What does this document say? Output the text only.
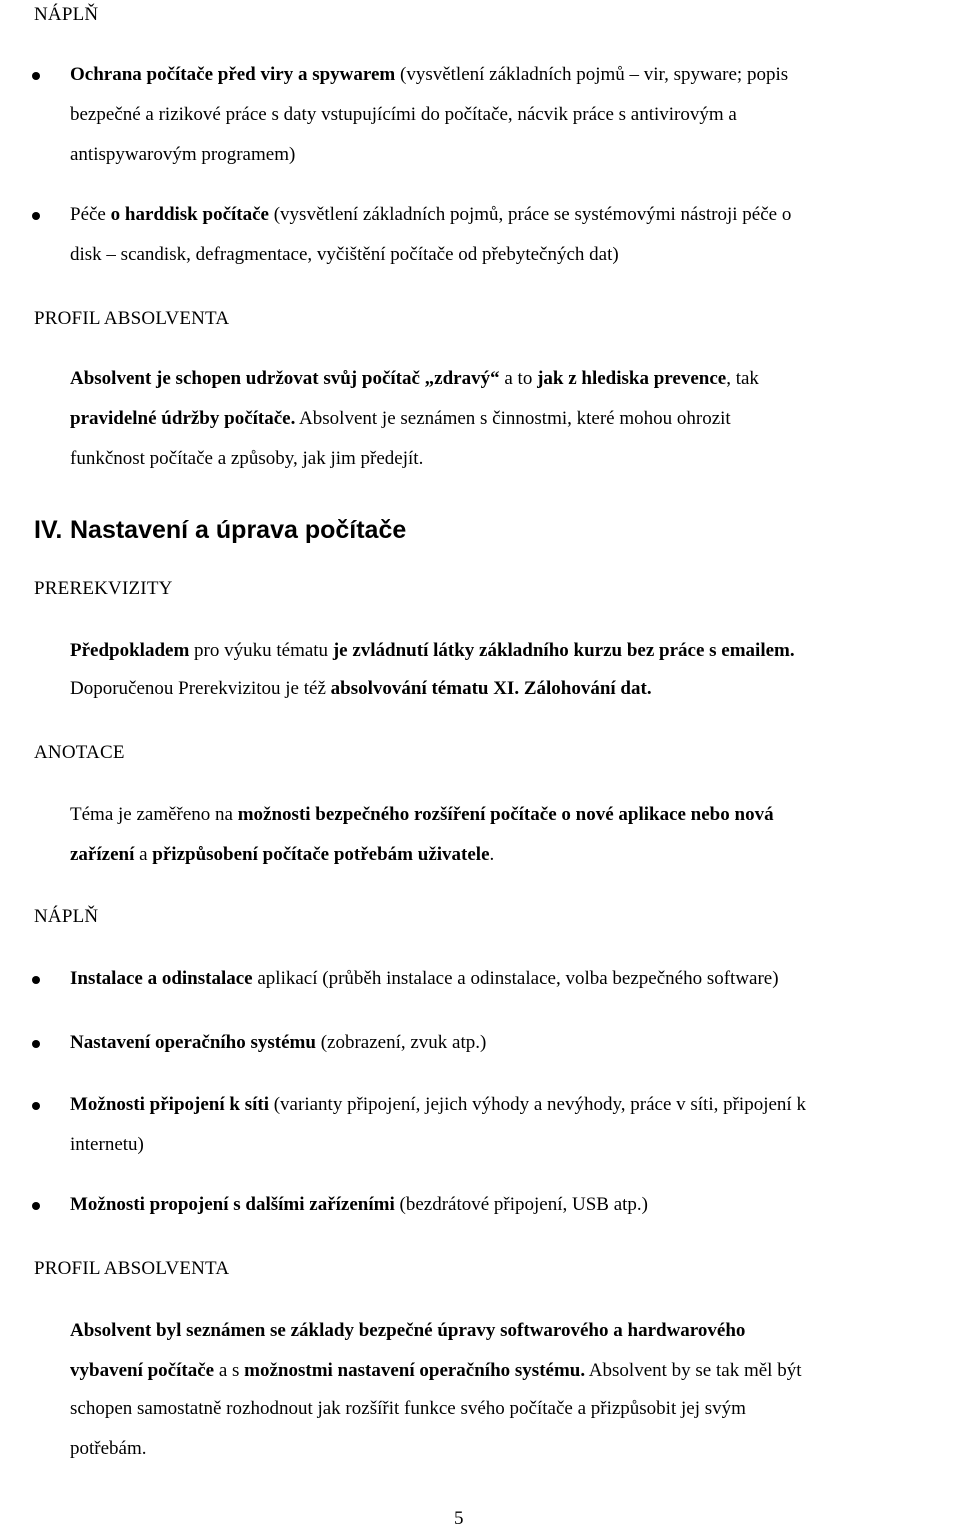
NÁPLŇ

Ochrana počítače před viry a spywarem (vysvětlení základních pojmů – vir, spyware; popis

bezpečné a rizikové práce s daty vstupujícími do počítače, nácvik práce s antivirovým a

antispywarovým programem)

Péče o harddisk počítače (vysvětlení základních pojmů, práce se systémovými nástroji péče o

disk – scandisk, defragmentace, vyčištění počítače od přebytečných dat)

PROFIL ABSOLVENTA

Absolvent je schopen udržovat svůj počítač „zdravý“ a to jak z hlediska prevence, tak

pravidelné údržby počítače. Absolvent je seznámen s činnostmi, které mohou ohrozit

funkčnost počítače a způsoby, jak jim předejít.

IV. Nastavení a úprava počítače

PREREKVIZITY

Předpokladem pro výuku tématu je zvládnutí látky základního kurzu bez práce s emailem.

Doporučenou Prerekvizitou je též absolvování tématu XI. Zálohování dat.

ANOTACE

Téma je zaměřeno na možnosti bezpečného rozšíření počítače o nové aplikace nebo nová

zařízení a přizpůsobení počítače potřebám uživatele.

NÁPLŇ

Instalace a odinstalace aplikací (průběh instalace a odinstalace, volba bezpečného software)

Nastavení operačního systému (zobrazení, zvuk atp.)

Možnosti připojení k síti (varianty připojení, jejich výhody a nevýhody, práce v síti, připojení k

internetu)

Možnosti propojení s dalšími zařízeními (bezdrátové připojení, USB atp.)

PROFIL ABSOLVENTA

Absolvent byl seznámen se základy bezpečné úpravy softwarového a hardwarového

vybavení počítače a s možnostmi nastavení operačního systému. Absolvent by se tak měl být

schopen samostatně rozhodnout jak rozšířit funkce svého počítače a přizpůsobit jej svým

potřebám.

5
